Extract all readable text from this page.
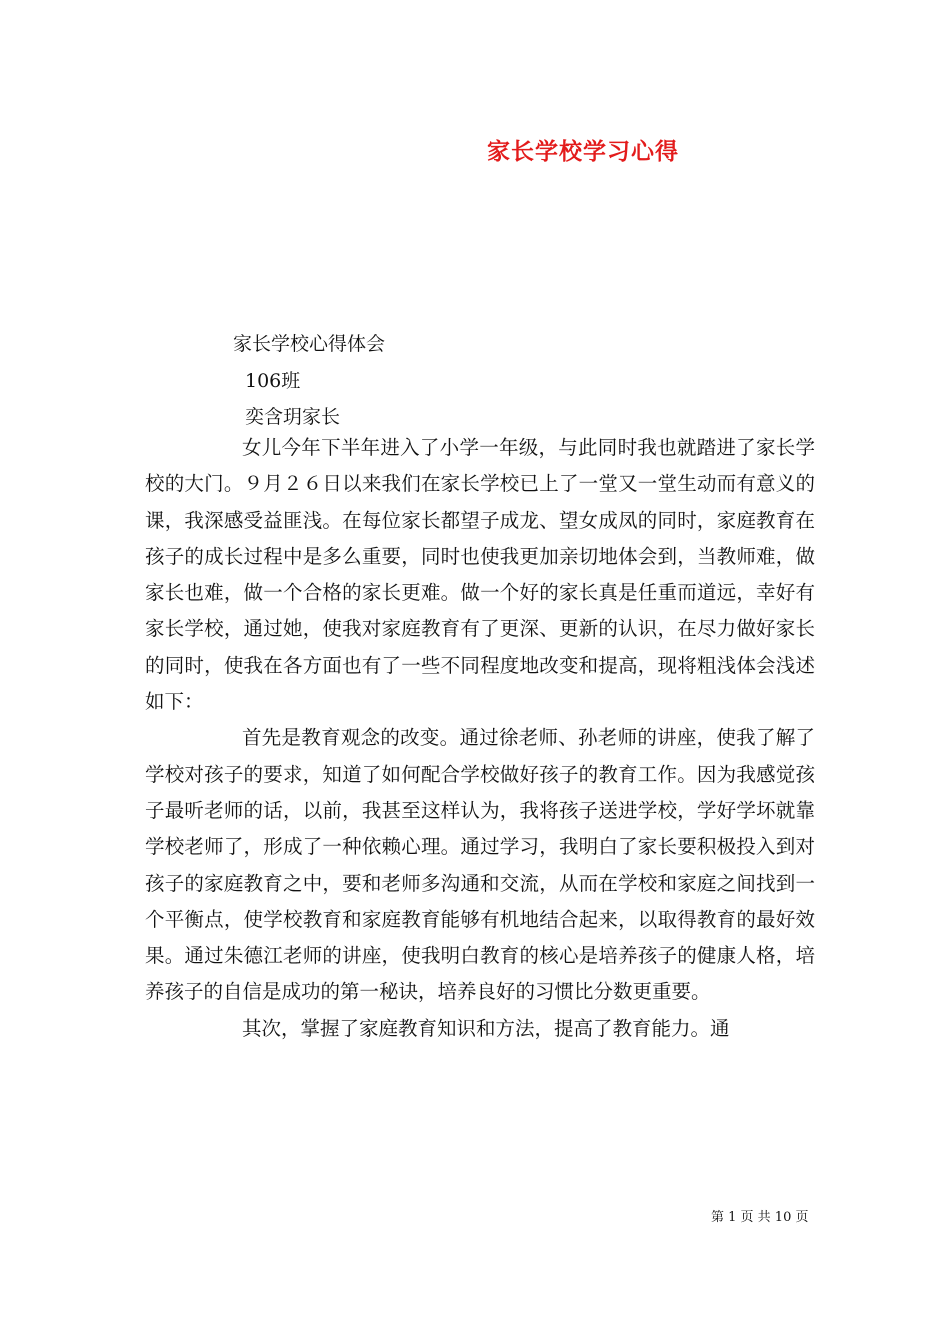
家长学校学习心得
家长学校心得体会
106班
奕含玥家长

女儿今年下半年进入了小学一年级，与此同时我也就踏进了家长学校的大门。９月２６日以来我们在家长学校已上了一堂又一堂生动而有意义的课，我深感受益匪浅。在每位家长都望子成龙、望女成凤的同时，家庭教育在孩子的成长过程中是多么重要，同时也使我更加亲切地体会到，当教师难，做家长也难，做一个合格的家长更难。做一个好的家长真是任重而道远，幸好有家长学校，通过她，使我对家庭教育有了更深、更新的认识，在尽力做好家长的同时，使我在各方面也有了一些不同程度地改变和提高，现将粗浅体会浅述如下：

首先是教育观念的改变。通过徐老师、孙老师的讲座，使我了解了学校对孩子的要求，知道了如何配合学校做好孩子的教育工作。因为我感觉孩子最听老师的话，以前，我甚至这样认为，我将孩子送进学校，学好学坏就靠学校老师了，形成了一种依赖心理。通过学习，我明白了家长要积极投入到对孩子的家庭教育之中，要和老师多沟通和交流，从而在学校和家庭之间找到一个平衡点，使学校教育和家庭教育能够有机地结合起来，以取得教育的最好效果。通过朱德江老师的讲座，使我明白教育的核心是培养孩子的健康人格，培养孩子的自信是成功的第一秘诀，培养良好的习惯比分数更重要。

其次，掌握了家庭教育知识和方法，提高了教育能力。通

第 1 页 共 10 页
